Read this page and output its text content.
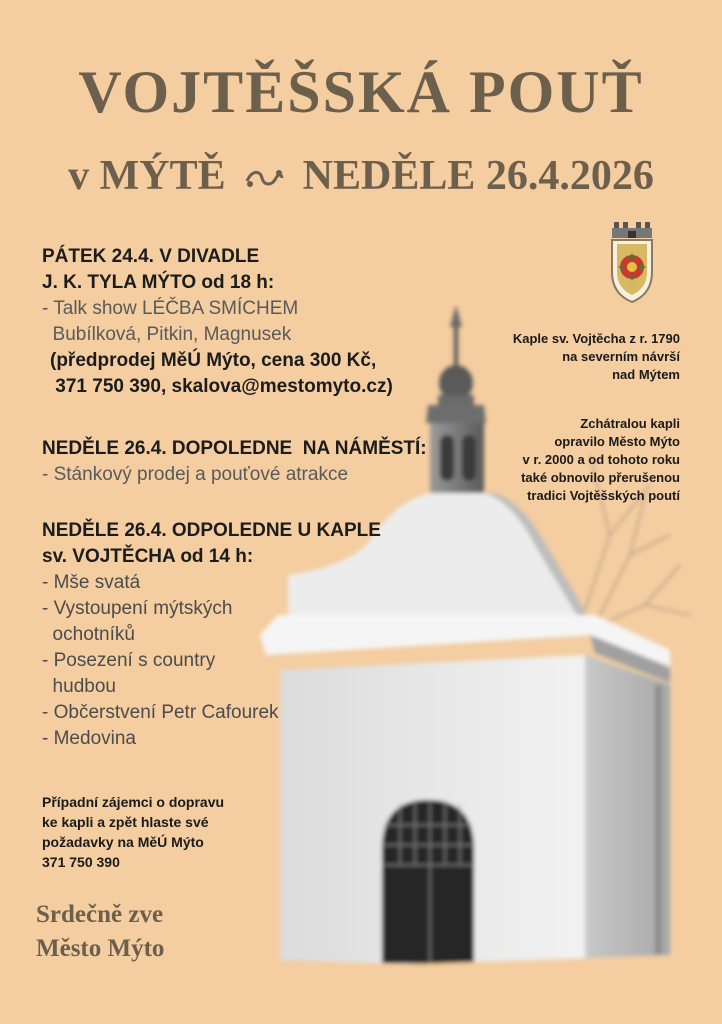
VOJTĚŠSKÁ POUŤ
v MÝTĚ NEDĚLE 26.4.2026
PÁTEK 24.4. V DIVADLE
J. K. TYLA MÝTO od 18 h:
- Talk show LÉČBA SMÍCHEM
Bubílková, Pitkin, Magnusek
(předprodej MěÚ Mýto, cena 300 Kč,
371 750 390, skalova@mestomyto.cz)
NEDĚLE 26.4. DOPOLEDNE  NA NÁMĚSTÍ:
- Stánkový prodej a pouťové atrakce
NEDĚLE 26.4. ODPOLEDNE U KAPLE
sv. VOJTĚCHA od 14 h:
- Mše svatá
- Vystoupení mýtských
ochotníků
- Posezení s country
hudbou
- Občerstvení Petr Cafourek
- Medovina
Případní zájemci o dopravu
ke kapli a zpět hlaste své
požadavky na MěÚ Mýto
371 750 390
Srdečně zve
Město Mýto
Kaple sv. Vojtěcha z r. 1790
na severním návrší
nad Mýtem
Zchátralou kapli
opravilo Město Mýto
v r. 2000 a od tohoto roku
také obnovilo přerušenou
tradici Vojtěšských poutí
